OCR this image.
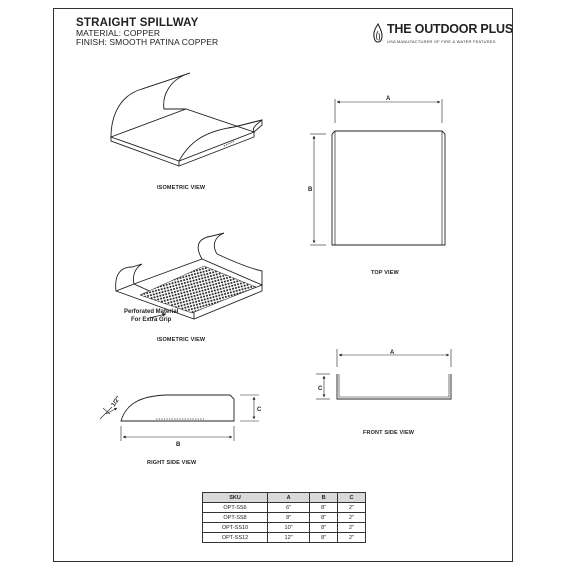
STRAIGHT SPILLWAY
MATERIAL: COPPER
FINISH: SMOOTH PATINA COPPER
THE OUTDOOR PLUS
USA MANUFACTURER OF FIRE & WATER FEATURES
A
B
A
C
B
C
1/2"
ISOMETRIC VIEW
TOP VIEW
ISOMETRIC VIEW
FRONT SIDE VIEW
RIGHT SIDE VIEW
Perforated Material
For Extra Grip
SKU	A	B	C
OPT-SS6	6"	8"	2"
OPT-SS8	8"	8"	2"
OPT-SS10	10"	8"	2"
OPT-SS12	12"	8"	2"
